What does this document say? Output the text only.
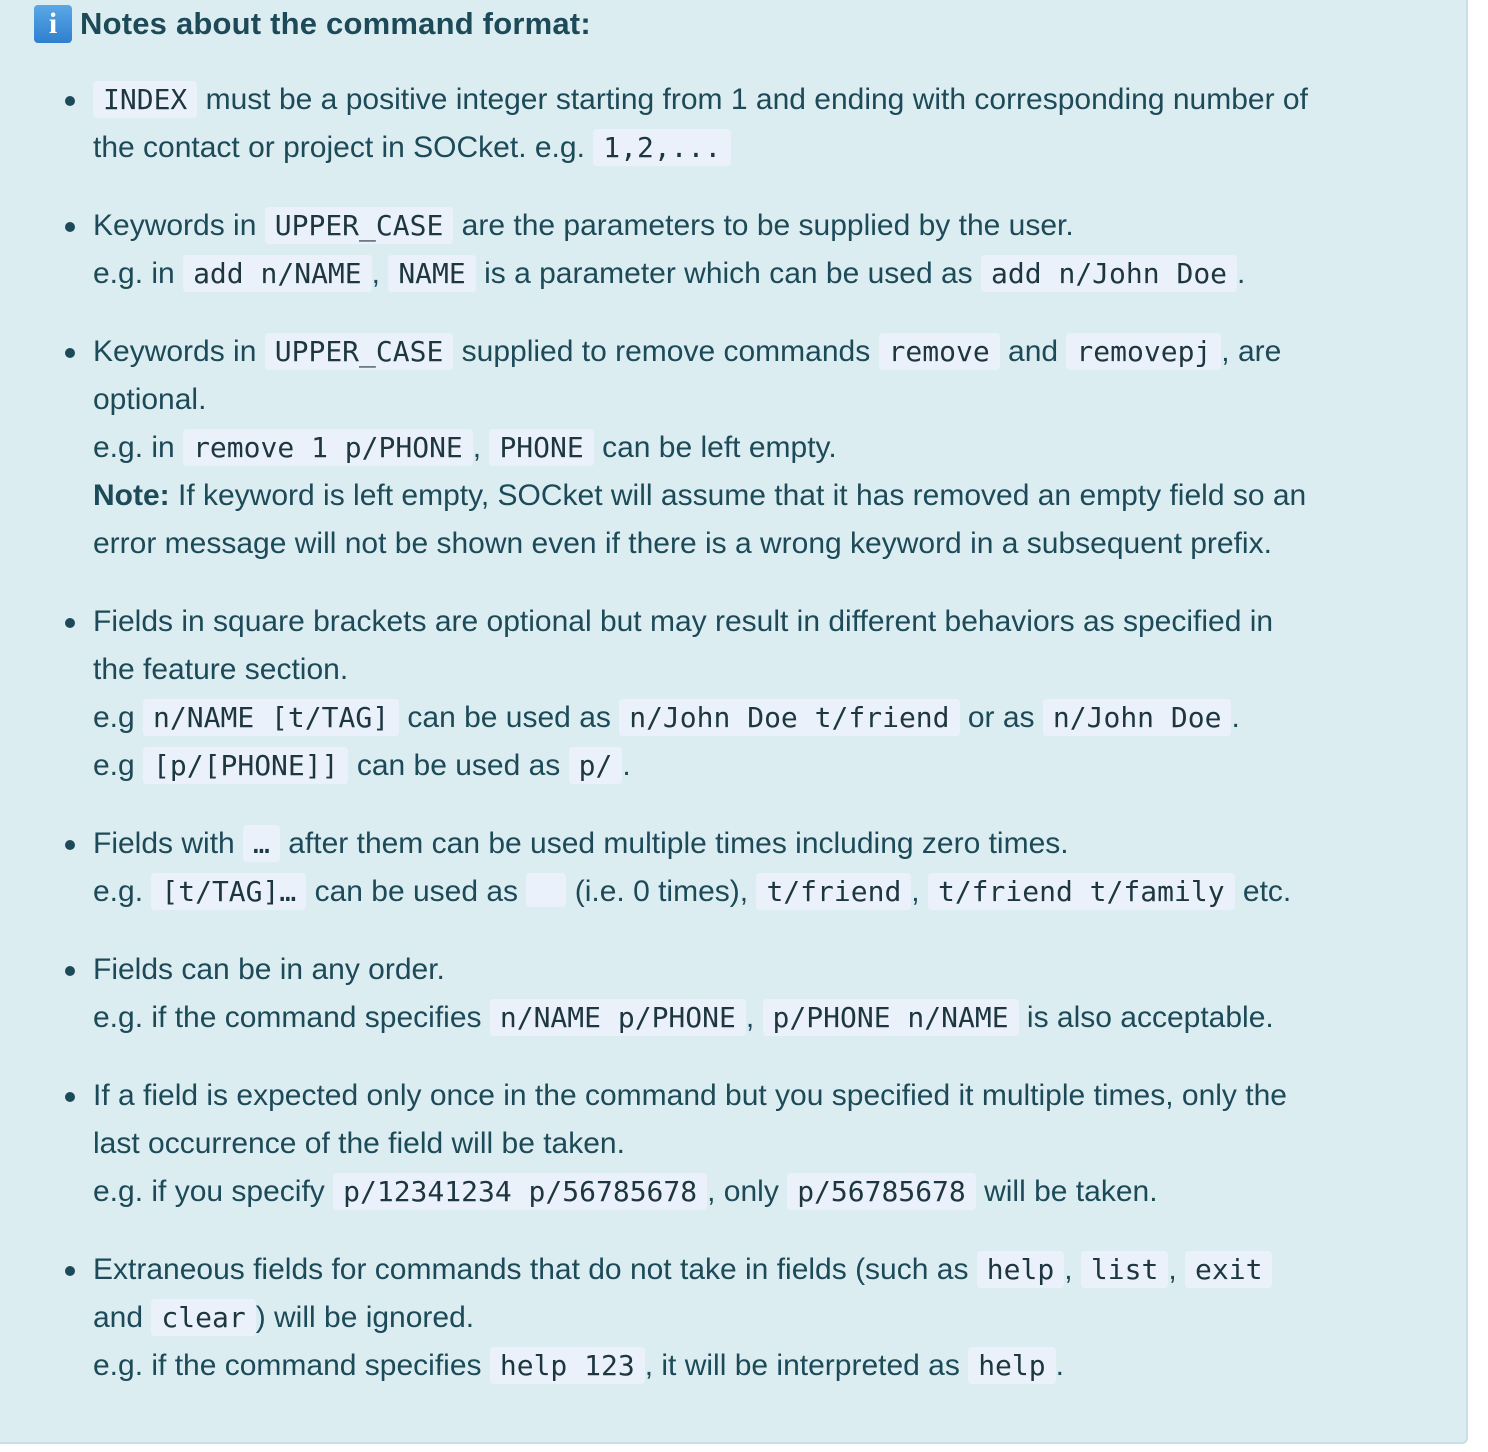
i Notes about the command format:
INDEX must be a positive integer starting from 1 and ending with corresponding number of
the contact or project in SOCket. e.g. 1,2,...
Keywords in UPPER_CASE are the parameters to be supplied by the user.
e.g. in add n/NAME , NAME is a parameter which can be used as add n/John Doe .
Keywords in UPPER_CASE supplied to remove commands remove and removepj , are
optional.
e.g. in remove 1 p/PHONE , PHONE can be left empty.
Note: If keyword is left empty, SOCket will assume that it has removed an empty field so an
error message will not be shown even if there is a wrong keyword in a subsequent prefix.
Fields in square brackets are optional but may result in different behaviors as specified in
the feature section.
e.g n/NAME [t/TAG] can be used as n/John Doe t/friend or as n/John Doe .
e.g [p/[PHONE]] can be used as p/ .
Fields with … after them can be used multiple times including zero times.
e.g. [t/TAG]… can be used as  (i.e. 0 times), t/friend , t/friend t/family etc.
Fields can be in any order.
e.g. if the command specifies n/NAME p/PHONE , p/PHONE n/NAME is also acceptable.
If a field is expected only once in the command but you specified it multiple times, only the
last occurrence of the field will be taken.
e.g. if you specify p/12341234 p/56785678 , only p/56785678 will be taken.
Extraneous fields for commands that do not take in fields (such as help , list , exit
and clear ) will be ignored.
e.g. if the command specifies help 123 , it will be interpreted as help .
